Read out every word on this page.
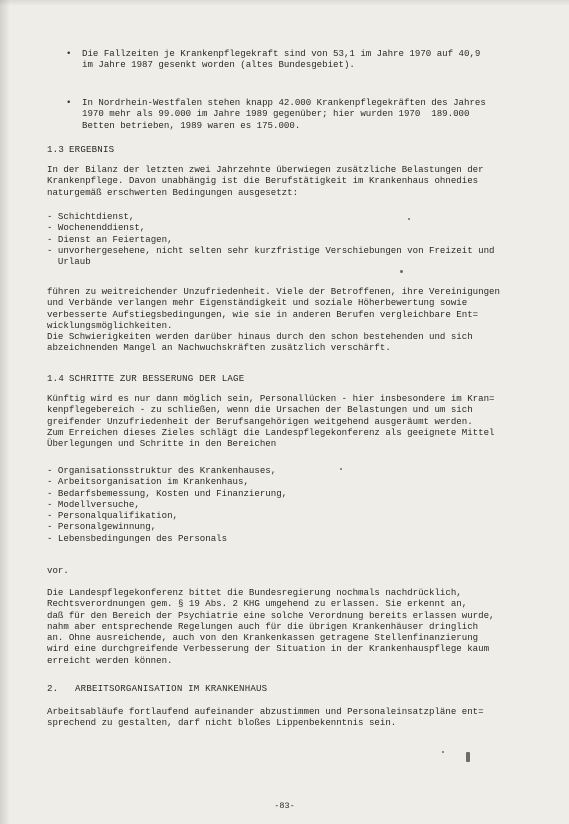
• Die Fallzeiten je Krankenpflegekraft sind von 53,1 im Jahre 1970 auf 40,9
im Jahre 1987 gesenkt worden (altes Bundesgebiet).
• In Nordrhein-Westfalen stehen knapp 42.000 Krankenpflegekräften des Jahres
1970 mehr als 99.000 im Jahre 1989 gegenüber; hier wurden 1970  189.000
Betten betrieben, 1989 waren es 175.000.
1.3 ERGEBNIS
In der Bilanz der letzten zwei Jahrzehnte überwiegen zusätzliche Belastungen der
Krankenpflege. Davon unabhängig ist die Berufstätigkeit im Krankenhaus ohnedies
naturgemäß erschwerten Bedingungen ausgesetzt:
- Schichtdienst,
- Wochenenddienst,
- Dienst an Feiertagen,
- unvorhergesehene, nicht selten sehr kurzfristige Verschiebungen von Freizeit und
Urlaub
führen zu weitreichender Unzufriedenheit. Viele der Betroffenen, ihre Vereinigungen
und Verbände verlangen mehr Eigenständigkeit und soziale Höherbewertung sowie
verbesserte Aufstiegsbedingungen, wie sie in anderen Berufen vergleichbare Ent=
wicklungsmöglichkeiten.
Die Schwierigkeiten werden darüber hinaus durch den schon bestehenden und sich
abzeichnenden Mangel an Nachwuchskräften zusätzlich verschärft.
1.4 SCHRITTE ZUR BESSERUNG DER LAGE
Künftig wird es nur dann möglich sein, Personallücken - hier insbesondere im Kran=
kenpflegebereich - zu schließen, wenn die Ursachen der Belastungen und um sich
greifender Unzufriedenheit der Berufsangehörigen weitgehend ausgeräumt werden.
Zum Erreichen dieses Zieles schlägt die Landespflegekonferenz als geeignete Mittel
Überlegungen und Schritte in den Bereichen
- Organisationsstruktur des Krankenhauses,
- Arbeitsorganisation im Krankenhaus,
- Bedarfsbemessung, Kosten und Finanzierung,
- Modellversuche,
- Personalqualifikation,
- Personalgewinnung,
- Lebensbedingungen des Personals
vor.
Die Landespflegekonferenz bittet die Bundesregierung nochmals nachdrücklich,
Rechtsverordnungen gem. § 19 Abs. 2 KHG umgehend zu erlassen. Sie erkennt an,
daß für den Bereich der Psychiatrie eine solche Verordnung bereits erlassen wurde,
nahm aber entsprechende Regelungen auch für die übrigen Krankenhäuser dringlich
an. Ohne ausreichende, auch von den Krankenkassen getragene Stellenfinanzierung
wird eine durchgreifende Verbesserung der Situation in der Krankenhauspflege kaum
erreicht werden können.
2. ARBEITSORGANISATION IM KRANKENHAUS
Arbeitsabläufe fortlaufend aufeinander abzustimmen und Personaleinsatzpläne ent=
sprechend zu gestalten, darf nicht bloßes Lippenbekenntnis sein.
-83-
